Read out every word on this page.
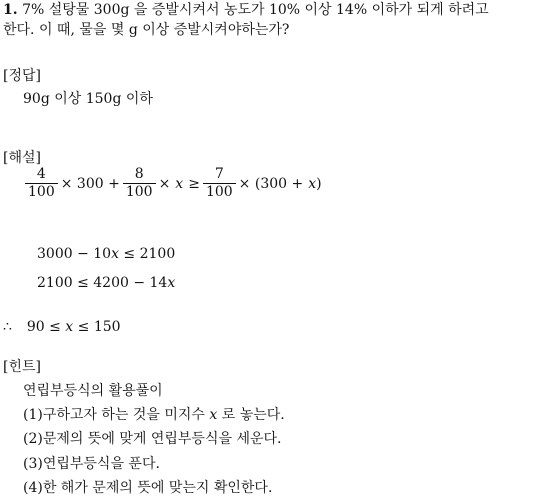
1. 7% 설탕물 300g 을 증발시켜서 농도가 10% 이상 14% 이하가 되게 하려고
한다. 이 때, 물을 몇 g 이상 증발시켜야하는가?
[정답]
90g 이상 150g 이하
[해설]
$\frac{4}{100} \times 300 + \frac{8}{100} \times x \ge \frac{7}{100} \times (300 + x$ )
3000 − 10x ≤ 2100
2100 ≤ 4200 − 14x
∴ 90 ≤ x ≤ 150
[힌트]
연립부등식의 활용풀이
(1)구하고자 하는 것을 미지수 x 로 놓는다.
(2)문제의 뜻에 맞게 연립부등식을 세운다.
(3)연립부등식을 푼다.
(4)한 해가 문제의 뜻에 맞는지 확인한다.
